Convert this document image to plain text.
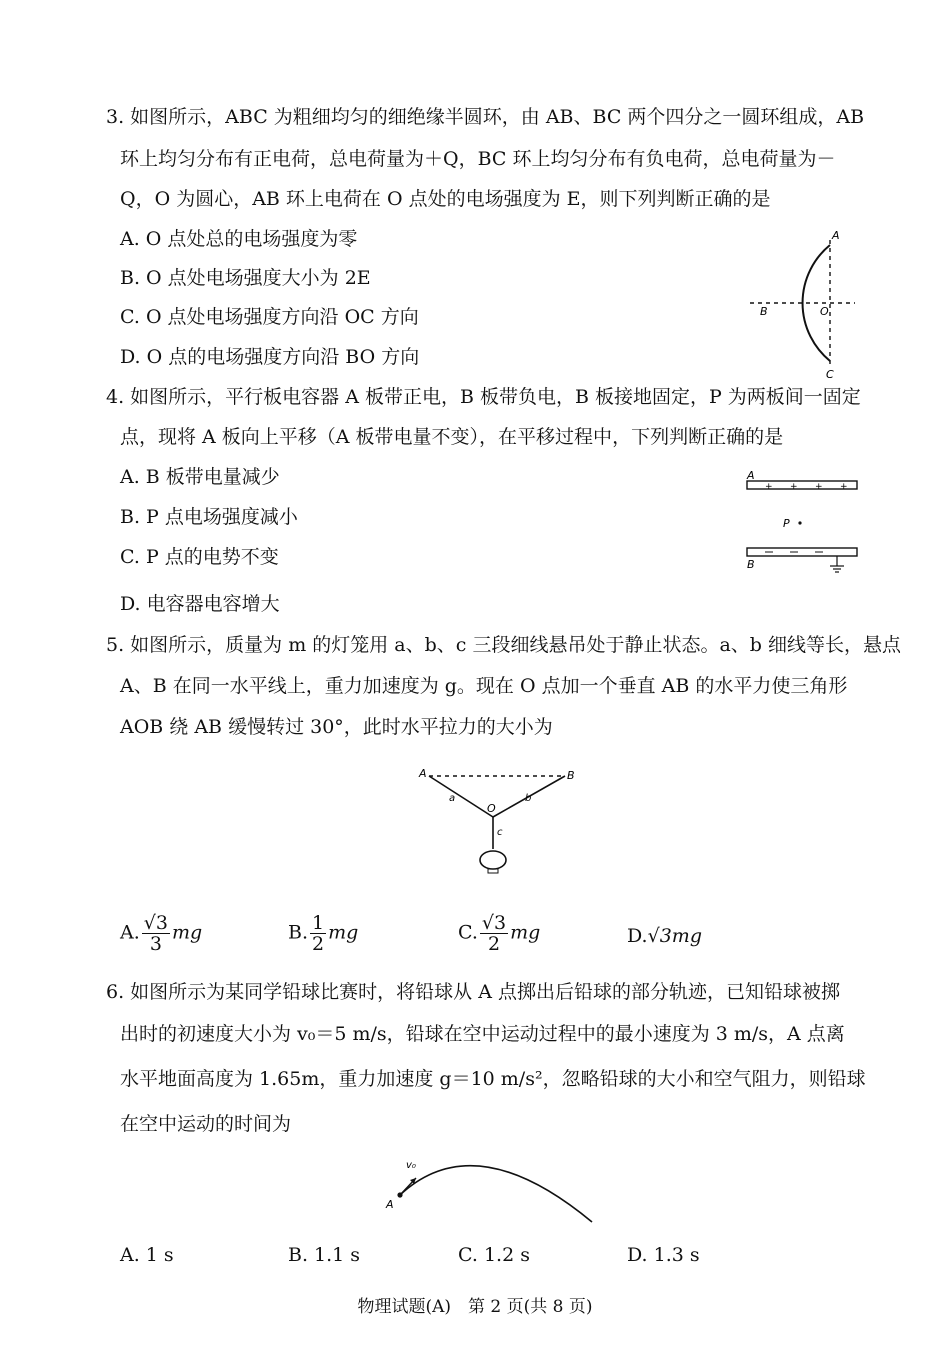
3. 如图所示，ABC 为粗细均匀的细绝缘半圆环，由 AB、BC 两个四分之一圆环组成，AB
环上均匀分布有正电荷，总电荷量为＋Q，BC 环上均匀分布有负电荷，总电荷量为－
Q，O 为圆心，AB 环上电荷在 O 点处的电场强度为 E，则下列判断正确的是
A. O 点处总的电场强度为零
B. O 点处电场强度大小为 2E
C. O 点处电场强度方向沿 OC 方向
D. O 点的电场强度方向沿 BO 方向
A
B	O
C
4. 如图所示，平行板电容器 A 板带正电，B 板带负电，B 板接地固定，P 为两板间一固定
点，现将 A 板向上平移（A 板带电量不变），在平移过程中，下列判断正确的是
A. B 板带电量减少
B. P 点电场强度减小
C. P 点的电势不变
D. 电容器电容增大
A
+ + + +
P
B
5. 如图所示，质量为 m 的灯笼用 a、b、c 三段细线悬吊处于静止状态。a、b 细线等长，悬点
A、B 在同一水平线上，重力加速度为 g。现在 O 点加一个垂直 AB 的水平力使三角形
AOB 绕 AB 缓慢转过 30°，此时水平拉力的大小为
A	B
O
a	b
c
A. $\frac{√3}{3}$ mg	B. $\frac{1}{2}$ mg	C. $\frac{√3}{2}$ mg	D.√3mg
6. 如图所示为某同学铅球比赛时，将铅球从 A 点掷出后铅球的部分轨迹，已知铅球被掷
出时的初速度大小为 v₀＝5 m/s，铅球在空中运动过程中的最小速度为 3 m/s，A 点离
水平地面高度为 1.65m，重力加速度 g＝10 m/s²，忽略铅球的大小和空气阻力，则铅球
在空中运动的时间为
A
v₀
A. 1 s	B. 1.1 s	C. 1.2 s	D. 1.3 s
物理试题(A)　第 2 页(共 8 页)
